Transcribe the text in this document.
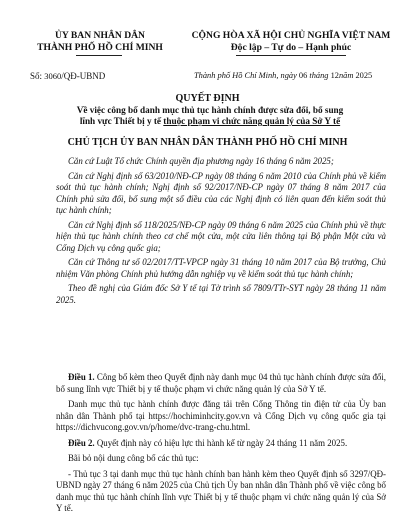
ỦY BAN NHÂN DÂN
THÀNH PHỐ HỒ CHÍ MINH
CỘNG HÒA XÃ HỘI CHỦ NGHĨA VIỆT NAM
Độc lập – Tự do – Hạnh phúc
Số: 3060/QĐ-UBND	Thành phố Hồ Chí Minh, ngày 06 tháng 12năm 2025
QUYẾT ĐỊNH
Về việc công bố danh mục thủ tục hành chính được sửa đổi, bổ sung
lĩnh vực Thiết bị y tế thuộc phạm vi chức năng quản lý của Sở Y tế
CHỦ TỊCH ỦY BAN NHÂN DÂN THÀNH PHỐ HỒ CHÍ MINH

Căn cứ Luật Tổ chức Chính quyền địa phương ngày 16 tháng 6 năm 2025;

Căn cứ Nghị định số 63/2010/NĐ-CP ngày 08 tháng 6 năm 2010 của Chính phủ về kiểm soát thủ tục hành chính; Nghị định số 92/2017/NĐ-CP ngày 07 tháng 8 năm 2017 của Chính phủ sửa đổi, bổ sung một số điều của các Nghị định có liên quan đến kiểm soát thủ tục hành chính;

Căn cứ Nghị định số 118/2025/NĐ-CP ngày 09 tháng 6 năm 2025 của Chính phủ về thực hiện thủ tục hành chính theo cơ chế một cửa, một cửa liên thông tại Bộ phận Một cửa và Cổng Dịch vụ công quốc gia;

Căn cứ Thông tư số 02/2017/TT-VPCP ngày 31 tháng 10 năm 2017 của Bộ trưởng, Chủ nhiệm Văn phòng Chính phủ hướng dẫn nghiệp vụ về kiểm soát thủ tục hành chính;

Theo đề nghị của Giám đốc Sở Y tế tại Tờ trình số 7809/TTr-SYT ngày 28 tháng 11 năm 2025.

Điều 1. Công bố kèm theo Quyết định này danh mục 04 thủ tục hành chính được sửa đổi, bổ sung lĩnh vực Thiết bị y tế thuộc phạm vi chức năng quản lý của Sở Y tế.

Danh mục thủ tục hành chính được đăng tải trên Cổng Thông tin điện tử của Ủy ban nhân dân Thành phố tại https://hochiminhcity.gov.vn và Cổng Dịch vụ công quốc gia tại https://dichvucong.gov.vn/p/home/dvc-trang-chu.html.

Điều 2. Quyết định này có hiệu lực thi hành kể từ ngày 24 tháng 11 năm 2025.

Bãi bỏ nội dung công bố các thủ tục:

- Thủ tục 3 tại danh mục thủ tục hành chính ban hành kèm theo Quyết định số 3297/QĐ-UBND ngày 27 tháng 6 năm 2025 của Chủ tịch Ủy ban nhân dân Thành phố về việc công bố danh mục thủ tục hành chính lĩnh vực Thiết bị y tế thuộc phạm vi chức năng quản lý của Sở Y tế.
